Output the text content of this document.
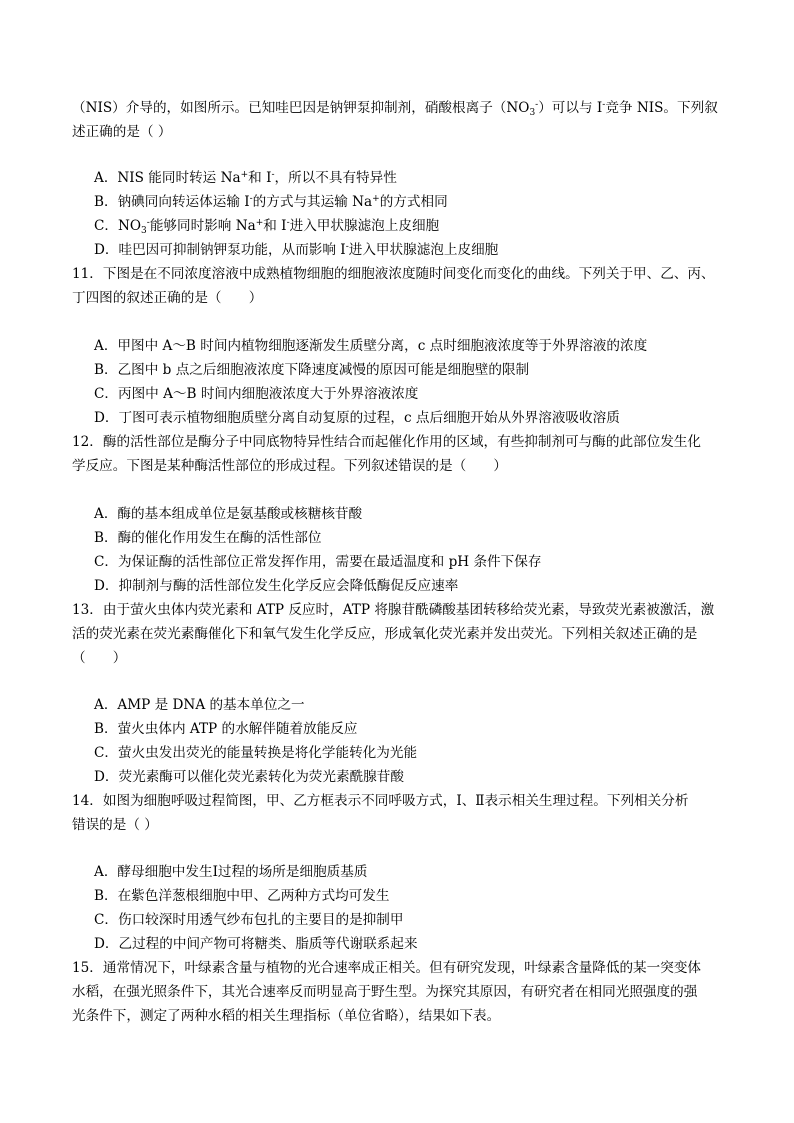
（NIS）介导的，如图所示。已知哇巴因是钠钾泵抑制剂，硝酸根离子$(NO_3^-)$可以与 I-竞争 NIS。下列叙
述正确的是（ ）
A．NIS 能同时转运 Na+和 I-，所以不具有特异性
B．钠碘同向转运体运输 I-的方式与其运输 Na+的方式相同
C．$NO_3^-$能够同时影响 Na+和 I-进入甲状腺滤泡上皮细胞
D．哇巴因可抑制钠钾泵功能，从而影响 I-进入甲状腺滤泡上皮细胞
11．下图是在不同浓度溶液中成熟植物细胞的细胞液浓度随时间变化而变化的曲线。下列关于甲、乙、丙、
丁四图的叙述正确的是（　　）
A．甲图中 A～B 时间内植物细胞逐渐发生质壁分离，c 点时细胞液浓度等于外界溶液的浓度
B．乙图中 b 点之后细胞液浓度下降速度减慢的原因可能是细胞壁的限制
C．丙图中 A～B 时间内细胞液浓度大于外界溶液浓度
D．丁图可表示植物细胞质壁分离自动复原的过程，c 点后细胞开始从外界溶液吸收溶质
12．酶的活性部位是酶分子中同底物特异性结合而起催化作用的区域，有些抑制剂可与酶的此部位发生化
学反应。下图是某种酶活性部位的形成过程。下列叙述错误的是（　　）
A．酶的基本组成单位是氨基酸或核糖核苷酸
B．酶的催化作用发生在酶的活性部位
C．为保证酶的活性部位正常发挥作用，需要在最适温度和 pH 条件下保存
D．抑制剂与酶的活性部位发生化学反应会降低酶促反应速率
13．由于萤火虫体内荧光素和 ATP 反应时，ATP 将腺苷酰磷酸基团转移给荧光素，导致荧光素被激活，激
活的荧光素在荧光素酶催化下和氧气发生化学反应，形成氧化荧光素并发出荧光。下列相关叙述正确的是
（　　）
A．AMP 是 DNA 的基本单位之一
B．萤火虫体内 ATP 的水解伴随着放能反应
C．萤火虫发出荧光的能量转换是将化学能转化为光能
D．荧光素酶可以催化荧光素转化为荧光素酰腺苷酸
14．如图为细胞呼吸过程简图，甲、乙方框表示不同呼吸方式，Ⅰ、Ⅱ表示相关生理过程。下列相关分析
错误的是（ ）
A．酵母细胞中发生Ⅰ过程的场所是细胞质基质
B．在紫色洋葱根细胞中甲、乙两种方式均可发生
C．伤口较深时用透气纱布包扎的主要目的是抑制甲
D．乙过程的中间产物可将糖类、脂质等代谢联系起来
15．通常情况下，叶绿素含量与植物的光合速率成正相关。但有研究发现，叶绿素含量降低的某一突变体
水稻，在强光照条件下，其光合速率反而明显高于野生型。为探究其原因，有研究者在相同光照强度的强
光条件下，测定了两种水稻的相关生理指标（单位省略），结果如下表。
